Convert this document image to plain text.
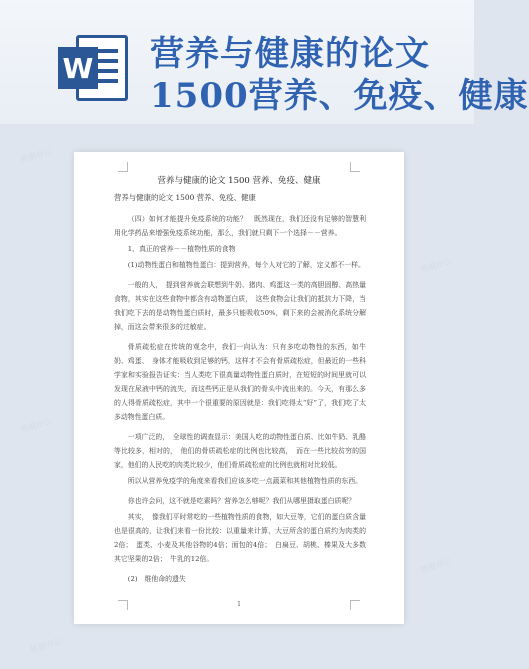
W 营养与健康的论文
1500营养、免疫、健康
熊猫办公
熊猫办公
熊猫办公
熊猫办公
熊猫办公
营养与健康的论文 1500 营养、免疫、健康
营养与健康的论文 1500 营养、免疫、健康

（四）如何才能提升免疫系统的功能？　既然现在，我们还没有足够的智慧利用化学药品来增强免疫系统功能，那么，我们就只剩下一个选择－－营养。

1、真正的营养－－植物性质的食物

(1)动物性蛋白和植物性蛋白：提到营养，每个人对它的了解，定义都不一样。

一般的人，　提到营养就会联想到牛奶、猪肉、鸡蛋这一类的高胆固醇、高热量食物，其实在这些食物中都含有动物蛋白质，　这些食物会让我们的抵抗力下降，当我们吃下去的是动物性蛋白质时，最多只能吸收50%，剩下来的会被消化系统分解掉，而这会带来很多的过敏症。

骨质疏松症在传统的观念中，我们一向认为：只有多吃动物性的东西，如牛奶、鸡蛋、　身体才能吸收到足够的钙，这样才不会有骨质疏松症，但最近的一些科学家和实验报告证实：当人类吃下很高量动物性蛋白质时，在短短的时间里就可以发现在尿液中钙的流失，而这些钙正是从我们的骨头中流出来的。今天，有那么多的人得骨质疏松症，其中一个很重要的原因就是：我们吃得太“好”了，我们吃了太多动物性蛋白质。

一项广泛的，　全球性的调查显示：美国人吃的动物性蛋白质、比如牛奶、乳酪等比较多，相对的，　他们的骨质疏松症的比例也比较高，　而在一些比较贫穷的国家，他们的人民吃的肉类比较少，他们骨质疏松症的比例也就相对比较低。

所以从营养免疫学的角度来看我们应该多吃一点蔬菜和其他植物性质的东西。

你也许会问，这不就是吃素吗？营养怎么够呢？我们从哪里摄取蛋白质呢？

其实，　像我们平时常吃的一些植物性质的食物，如大豆等，它们的蛋白质含量也是很高的，让我们来看一份比较：以重量来计算，大豆所含的蛋白质约为肉类的2倍；　蛋类、小麦及其他谷物的4倍；面包的4倍；　白扁豆、胡桃、榛果及大多数其它坚果的2倍；　牛乳的12倍。

(2)　维他命的遗失

1
